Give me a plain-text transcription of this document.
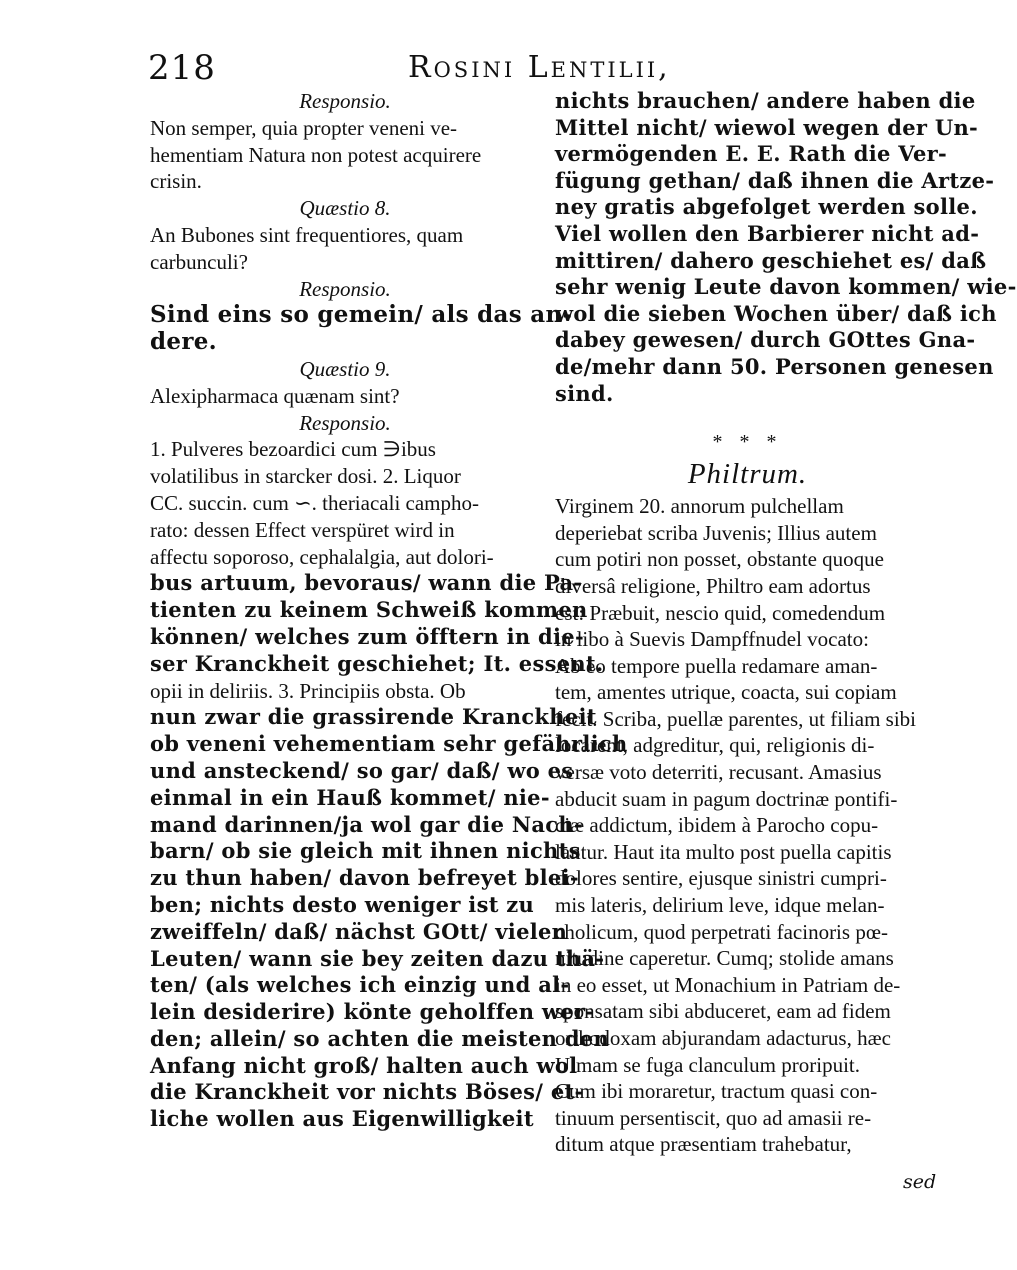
218	Rosini Lentilii,
Responsio.
Non semper, quia propter veneni ve-
hementiam Natura non potest acquirere
crisin.
Quæstio 8.
An Bubones sint frequentiores, quam
carbunculi?
Responsio.
Sind eins so gemein/ als das an-
dere.
Quæstio 9.
Alexipharmaca quænam sint?
Responsio.
1. Pulveres bezoardici cum ∋ibus
volatilibus in starcker dosi. 2. Liquor
CC. succin. cum ∽. theriacali campho-
rato: dessen Effect verspüret wird in
affectu soporoso, cephalalgia, aut dolori-
bus artuum, bevoraus/ wann die Pa-
tienten zu keinem Schweiß kommen
können/ welches zum öfftern in die-
ser Kranckheit geschiehet; It. essent.
opii in deliriis. 3. Principiis obsta. Ob
nun zwar die grassirende Kranckheit
ob veneni vehementiam sehr gefährlich
und ansteckend/ so gar/ daß/ wo es
einmal in ein Hauß kommet/ nie-
mand darinnen/ja wol gar die Nach-
barn/ ob sie gleich mit ihnen nichts
zu thun haben/ davon befreyet blei-
ben; nichts desto weniger ist zu
zweiffeln/ daß/ nächst GOtt/ vielen
Leuten/ wann sie bey zeiten dazu thä-
ten/ (als welches ich einzig und al-
lein desiderire) könte geholffen wer-
den; allein/ so achten die meisten den
Anfang nicht groß/ halten auch wol
die Kranckheit vor nichts Böses/ et-
liche wollen aus Eigenwilligkeit
nichts brauchen/ andere haben die
Mittel nicht/ wiewol wegen der Un-
vermögenden E. E. Rath die Ver-
fügung gethan/ daß ihnen die Artze-
ney gratis abgefolget werden solle.
Viel wollen den Barbierer nicht ad-
mittiren/ dahero geschiehet es/ daß
sehr wenig Leute davon kommen/ wie-
wol die sieben Wochen über/ daß ich
dabey gewesen/ durch GOttes Gna-
de/mehr dann 50. Personen genesen
sind.
* * *
Philtrum.
Virginem 20. annorum pulchellam
deperiebat scriba Juvenis; Illius autem
cum potiri non posset, obstante quoque
diversâ religione, Philtro eam adortus
est: Præbuit, nescio quid, comedendum
in libo à Suevis Dampffnudel vocato:
Ab eo tempore puella redamare aman-
tem, amentes utrique, coacta, sui copiam
fecit. Scriba, puellæ parentes, ut filiam sibi
locarent, adgreditur, qui, religionis di-
versæ voto deterriti, recusant. Amasius
abducit suam in pagum doctrinæ pontifi-
ciæ addictum, ibidem à Parocho copu-
lantur. Haut ita multo post puella capitis
dolores sentire, ejusque sinistri cumpri-
mis lateris, delirium leve, idque melan-
cholicum, quod perpetrati facinoris pœ-
nitudine caperetur. Cumq; stolide amans
in eo esset, ut Monachium in Patriam de-
sponsatam sibi abduceret, eam ad fidem
orthodoxam abjurandam adacturus, hæc
Ulmam se fuga clanculum proripuit.
Cum ibi moraretur, tractum quasi con-
tinuum persentiscit, quo ad amasii re-
ditum atque præsentiam trahebatur,
sed
